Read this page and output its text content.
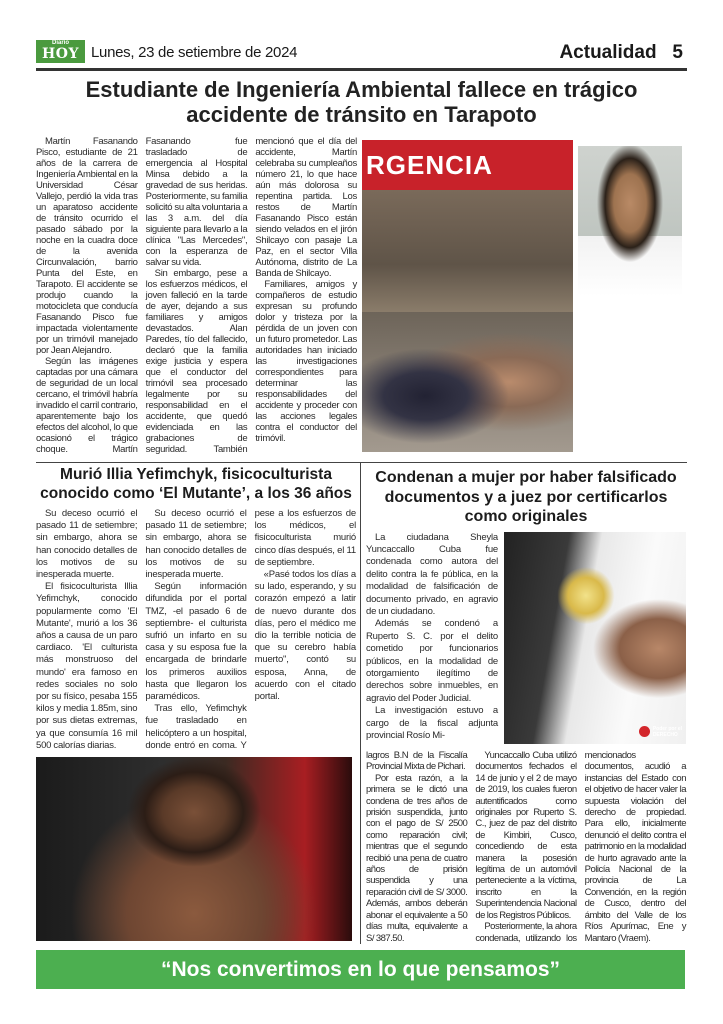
Diario
HOY Lunes, 23 de setiembre de 2024	Actualidad 5
Estudiante de Ingeniería Ambiental fallece en trágico accidente de tránsito en Tarapoto

Martín Fasanando Pisco, estudiante de 21 años de la carrera de Ingeniería Ambiental en la Universidad César Vallejo, perdió la vida tras un aparatoso accidente de tránsito ocurrido el pasado sábado por la noche en la cuadra doce de la avenida Circunvalación, barrio Punta del Este, en Tarapoto. El accidente se produjo cuando la motocicleta que conducía Fasanando Pisco fue impactada violentamente por un trimóvil manejado por Jean Alejandro.

Según las imágenes captadas por una cámara de seguridad de un local cercano, el trimóvil habría invadido el carril contrario, aparentemente bajo los efectos del alcohol, lo que ocasionó el trágico choque. Martín Fasanando fue trasladado de emergencia al Hospital Minsa debido a la gravedad de sus heridas. Posteriormente, su familia solicitó su alta voluntaria a las 3 a.m. del día siguiente para llevarlo a la clínica "Las Mercedes", con la esperanza de salvar su vida.

Sin embargo, pese a los esfuerzos médicos, el joven falleció en la tarde de ayer, dejando a sus familiares y amigos devastados. Alan Paredes, tío del fallecido, declaró que la familia exige justicia y espera que el conductor del trimóvil sea procesado legalmente por su responsabilidad en el accidente, que quedó evidenciada en las grabaciones de seguridad. También mencionó que el día del accidente, Martín celebraba su cumpleaños número 21, lo que hace aún más dolorosa su repentina partida. Los restos de Martín Fasanando Pisco están siendo velados en el jirón Shilcayo con pasaje La Paz, en el sector Villa Autónoma, distrito de La Banda de Shilcayo.

Familiares, amigos y compañeros de estudio expresan su profundo dolor y tristeza por la pérdida de un joven con un futuro prometedor. Las autoridades han iniciado las investigaciones correspondientes para determinar las responsabilidades del accidente y proceder con las acciones legales contra el conductor del trimóvil.

RGENCIA
Murió Illia Yefimchyk, fisicoculturista conocido como ‘El Mutante’, a los 36 años

Su deceso ocurrió el pasado 11 de setiembre; sin embargo, ahora se han conocido detalles de los motivos de su inesperada muerte.

El fisicoculturista Illia Yefimchyk, conocido popularmente como 'El Mutante', murió a los 36 años a causa de un paro cardiaco. 'El culturista más monstruoso del mundo' era famoso en redes sociales no solo por su físico, pesaba 155 kilos y media 1.85m, sino por sus dietas extremas, ya que consumía 16 mil 500 calorías diarias.

Su deceso ocurrió el pasado 11 de setiembre; sin embargo, ahora se han conocido detalles de los motivos de su inesperada muerte.

Según información difundida por el portal TMZ, -el pasado 6 de septiembre- el culturista sufrió un infarto en su casa y su esposa fue la encargada de brindarle los primeros auxilios hasta que llegaron los paramédicos.

Tras ello, Yefimchyk fue trasladado en helicóptero a un hospital, donde entró en coma. Y pese a los esfuerzos de los médicos, el fisicoculturista murió cinco días después, el 11 de septiembre.

«Pasé todos los días a su lado, esperando, y su corazón empezó a latir de nuevo durante dos días, pero el médico me dio la terrible noticia de que su cerebro había muerto", contó su esposa, Anna, de acuerdo con el citado portal.

Condenan a mujer por haber falsificado documentos y a juez por certificarlos como originales

La ciudadana Sheyla Yuncaccallo Cuba fue condenada como autora del delito contra la fe pública, en la modalidad de falsificación de documento privado, en agravio de un ciudadano.

Además se condenó a Ruperto S. C. por el delito cometido por funcionarios públicos, en la modalidad de otorgamiento ilegítimo de derechos sobre inmuebles, en agravio del Poder Judicial.

La investigación estuvo a cargo de la fiscal adjunta provincial Rosío Mi-

Poder por el
DERECHO

lagros B.N de la Fiscalía Provincial Mixta de Pichari.

Por esta razón, a la primera se le dictó una condena de tres años de prisión suspendida, junto con el pago de S/ 2500 como reparación civil; mientras que el segundo recibió una pena de cuatro años de prisión suspendida y una reparación civil de S/ 3000. Además, ambos deberán abonar el equivalente a 50 días multa, equivalente a S/ 387.50.

Yuncaccallo Cuba utilizó documentos fechados el 14 de junio y el 2 de mayo de 2019, los cuales fueron autentificados como originales por Ruperto S. C., juez de paz del distrito de Kimbiri, Cusco, concediendo de esta manera la posesión legítima de un automóvil perteneciente a la víctima, inscrito en la Superintendencia Nacional de los Registros Públicos.

Posteriormente, la ahora condenada, utilizando los mencionados documentos, acudió a instancias del Estado con el objetivo de hacer valer la supuesta violación del derecho de propiedad. Para ello, inicialmente denunció el delito contra el patrimonio en la modalidad de hurto agravado ante la Policía Nacional de la provincia de La Convención, en la región de Cusco, dentro del ámbito del Valle de los Ríos Apurímac, Ene y Mantaro (Vraem).

“Nos convertimos en lo que pensamos”
